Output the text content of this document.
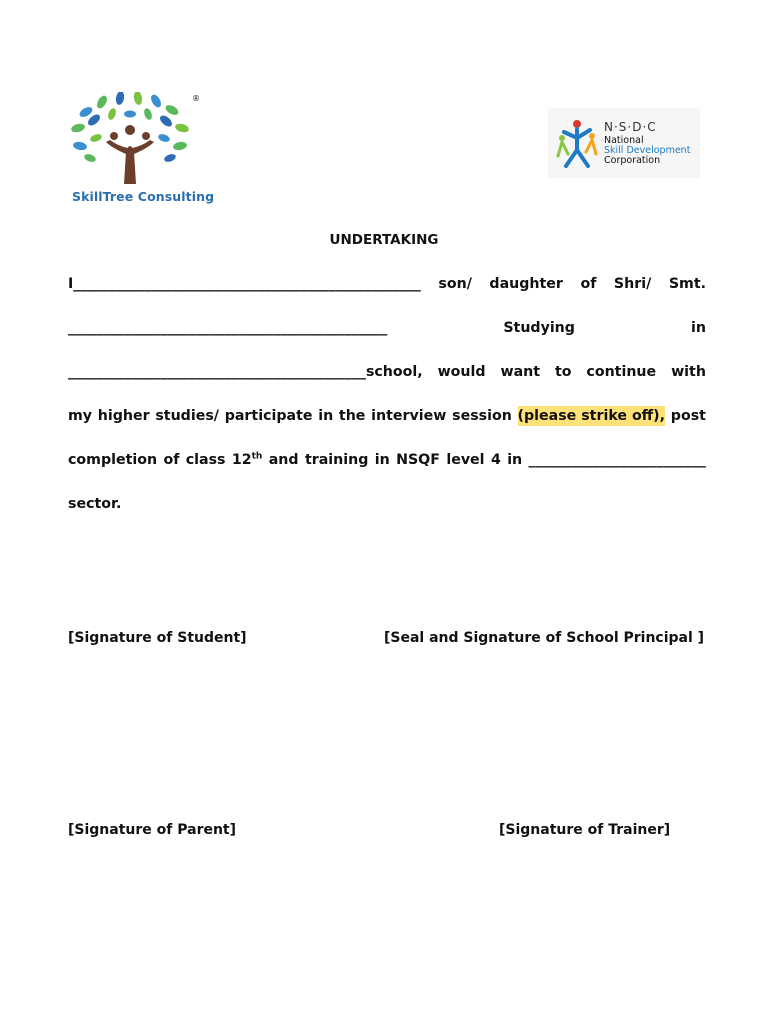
®
SkillTree Consulting
N·S·D·C
National
Skill Development
Corporation
UNDERTAKING
I_________________________________________________ son/ daughter of Shri/ Smt.
_____________________________________________	Studying	in
__________________________________________school, would want to continue with
my higher studies/ participate in the interview session (please strike off), post
completion of class 12th and training in NSQF level 4 in _________________________
sector.
[Signature of Student]	[Seal and Signature of School Principal ]
[Signature of Parent]	[Signature of Trainer]
